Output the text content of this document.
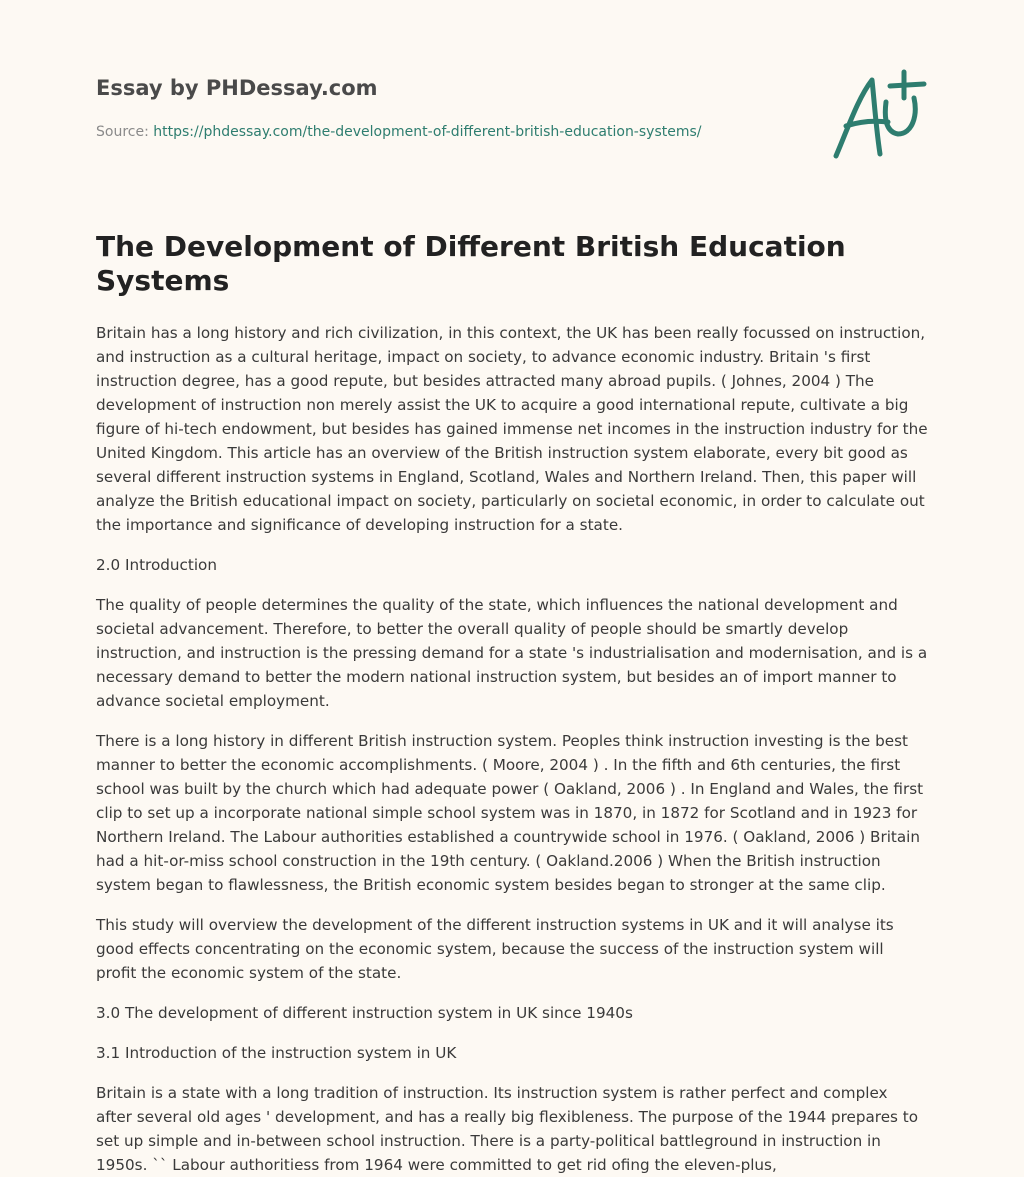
Essay by PHDessay.com

Source: https://phdessay.com/the-development-of-different-british-education-systems/

The Development of Different British Education Systems

Britain has a long history and rich civilization, in this context, the UK has been really focussed on instruction, and instruction as a cultural heritage, impact on society, to advance economic industry. Britain 's first instruction degree, has a good repute, but besides attracted many abroad pupils. ( Johnes, 2004 ) The development of instruction non merely assist the UK to acquire a good international repute, cultivate a big figure of hi-tech endowment, but besides has gained immense net incomes in the instruction industry for the United Kingdom. This article has an overview of the British instruction system elaborate, every bit good as several different instruction systems in England, Scotland, Wales and Northern Ireland. Then, this paper will analyze the British educational impact on society, particularly on societal economic, in order to calculate out the importance and significance of developing instruction for a state.

2.0 Introduction

The quality of people determines the quality of the state, which influences the national development and societal advancement. Therefore, to better the overall quality of people should be smartly develop instruction, and instruction is the pressing demand for a state 's industrialisation and modernisation, and is a necessary demand to better the modern national instruction system, but besides an of import manner to advance societal employment.

There is a long history in different British instruction system. Peoples think instruction investing is the best manner to better the economic accomplishments. ( Moore, 2004 ) . In the fifth and 6th centuries, the first school was built by the church which had adequate power ( Oakland, 2006 ) . In England and Wales, the first clip to set up a incorporate national simple school system was in 1870, in 1872 for Scotland and in 1923 for Northern Ireland. The Labour authorities established a countrywide school in 1976. ( Oakland, 2006 ) Britain had a hit-or-miss school construction in the 19th century. ( Oakland.2006 ) When the British instruction system began to flawlessness, the British economic system besides began to stronger at the same clip.

This study will overview the development of the different instruction systems in UK and it will analyse its good effects concentrating on the economic system, because the success of the instruction system will profit the economic system of the state.

3.0 The development of different instruction system in UK since 1940s

3.1 Introduction of the instruction system in UK

Britain is a state with a long tradition of instruction. Its instruction system is rather perfect and complex after several old ages ' development, and has a really big flexibleness. The purpose of the 1944 prepares to set up simple and in-between school instruction. There is a party-political battleground in instruction in 1950s. `` Labour authoritiess from 1964 were committed to get rid ofing the eleven-plus,
